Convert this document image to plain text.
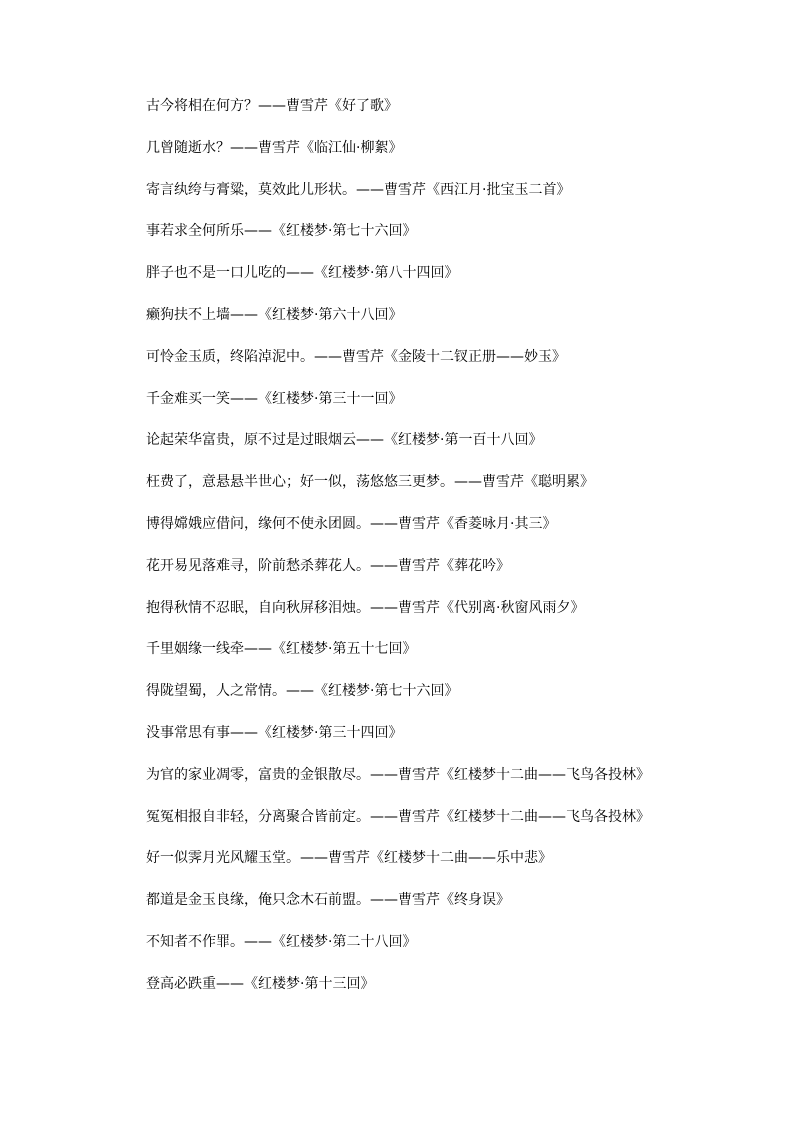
古今将相在何方？——曹雪芹《好了歌》
几曾随逝水？——曹雪芹《临江仙·柳絮》
寄言纨绔与膏粱，莫效此儿形状。——曹雪芹《西江月·批宝玉二首》
事若求全何所乐——《红楼梦·第七十六回》
胖子也不是一口儿吃的——《红楼梦·第八十四回》
癞狗扶不上墙——《红楼梦·第六十八回》
可怜金玉质，终陷淖泥中。——曹雪芹《金陵十二钗正册——妙玉》
千金难买一笑——《红楼梦·第三十一回》
论起荣华富贵，原不过是过眼烟云——《红楼梦·第一百十八回》
枉费了，意悬悬半世心；好一似，荡悠悠三更梦。——曹雪芹《聪明累》
博得嫦娥应借问，缘何不使永团圆。——曹雪芹《香菱咏月·其三》
花开易见落难寻，阶前愁杀葬花人。——曹雪芹《葬花吟》
抱得秋情不忍眠，自向秋屏移泪烛。——曹雪芹《代别离·秋窗风雨夕》
千里姻缘一线牵——《红楼梦·第五十七回》
得陇望蜀，人之常情。——《红楼梦·第七十六回》
没事常思有事——《红楼梦·第三十四回》
为官的家业凋零，富贵的金银散尽。——曹雪芹《红楼梦十二曲——飞鸟各投林》
冤冤相报自非轻，分离聚合皆前定。——曹雪芹《红楼梦十二曲——飞鸟各投林》
好一似霁月光风耀玉堂。——曹雪芹《红楼梦十二曲——乐中悲》
都道是金玉良缘，俺只念木石前盟。——曹雪芹《终身误》
不知者不作罪。——《红楼梦·第二十八回》
登高必跌重——《红楼梦·第十三回》
